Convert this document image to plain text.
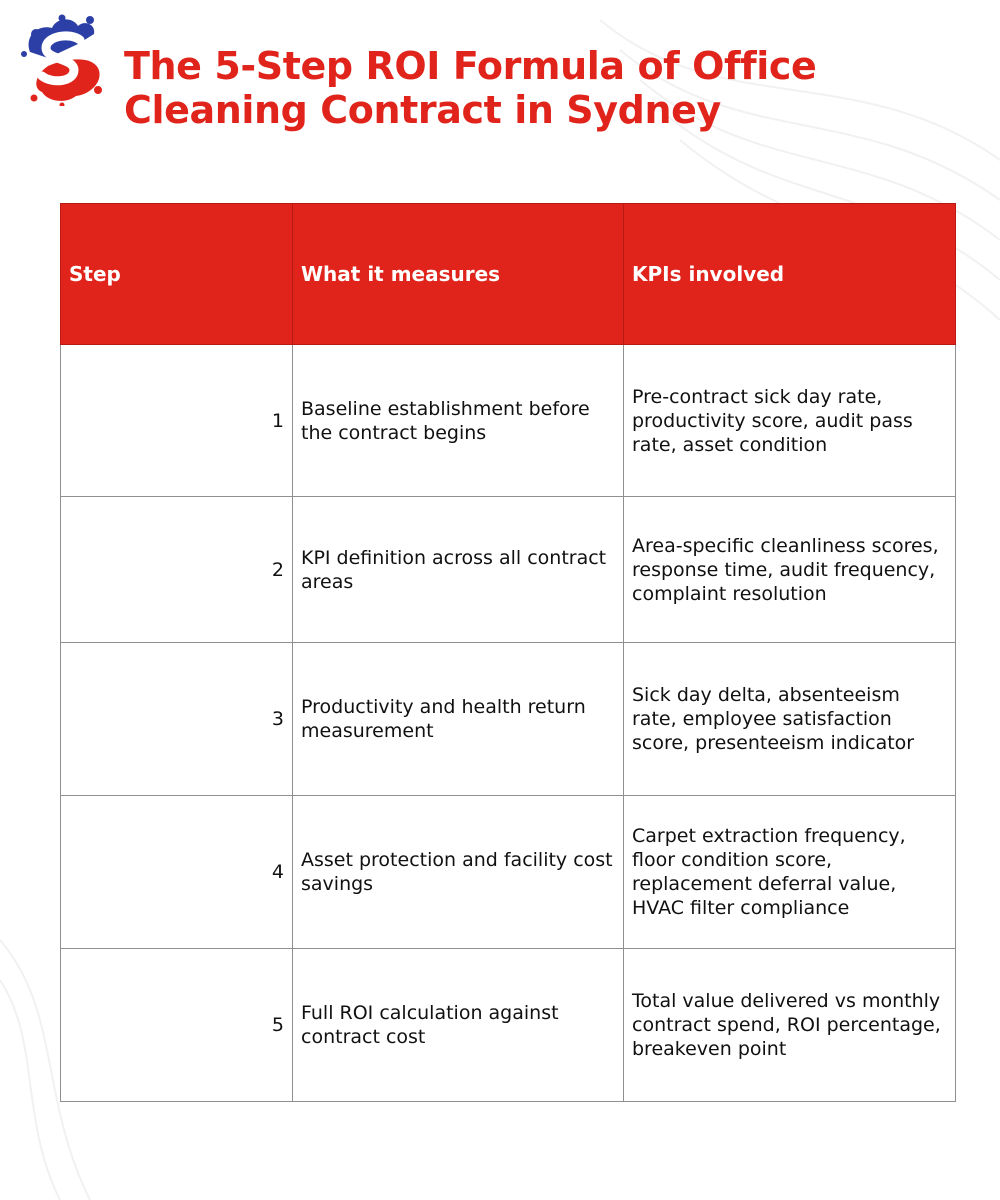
The 5-Step ROI Formula of Office
Cleaning Contract in Sydney
Step	What it measures	KPIs involved
1	Baseline establishment before the contract begins	Pre-contract sick day rate, productivity score, audit pass rate, asset condition
2	KPI definition across all contract areas	Area-specific cleanliness scores, response time, audit frequency, complaint resolution
3	Productivity and health return measurement	Sick day delta, absenteeism rate, employee satisfaction score, presenteeism indicator
4	Asset protection and facility cost savings	Carpet extraction frequency, floor condition score, replacement deferral value, HVAC filter compliance
5	Full ROI calculation against contract cost	Total value delivered vs monthly contract spend, ROI percentage, breakeven point
